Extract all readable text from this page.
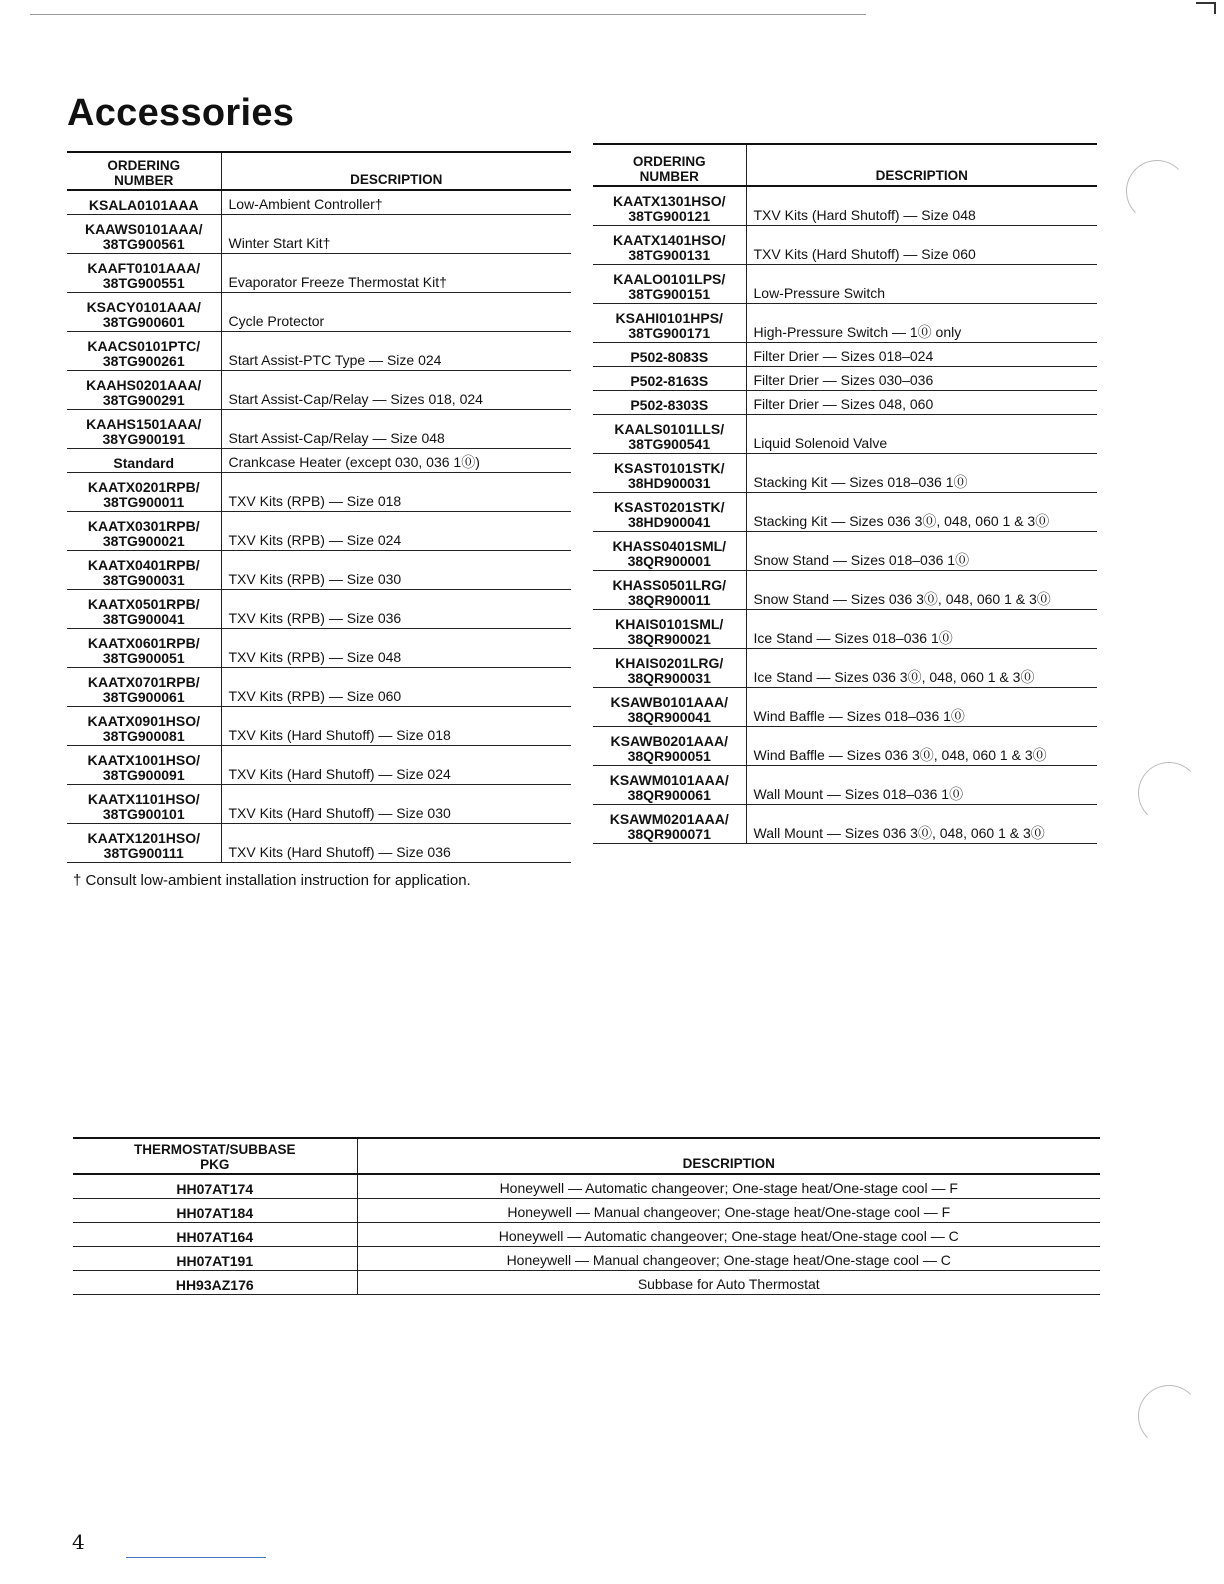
Accessories
ORDERING NUMBER	DESCRIPTION
KSALA0101AAA	Low-Ambient Controller†
KAAWS0101AAA/ 38TG900561	Winter Start Kit†
KAAFT0101AAA/ 38TG900551	Evaporator Freeze Thermostat Kit†
KSACY0101AAA/ 38TG900601	Cycle Protector
KAACS0101PTC/ 38TG900261	Start Assist-PTC Type — Size 024
KAAHS0201AAA/ 38TG900291	Start Assist-Cap/Relay — Sizes 018, 024
KAAHS1501AAA/ 38YG900191	Start Assist-Cap/Relay — Size 048
Standard	Crankcase Heater (except 030, 036 1⓪)
KAATX0201RPB/ 38TG900011	TXV Kits (RPB) — Size 018
KAATX0301RPB/ 38TG900021	TXV Kits (RPB) — Size 024
KAATX0401RPB/ 38TG900031	TXV Kits (RPB) — Size 030
KAATX0501RPB/ 38TG900041	TXV Kits (RPB) — Size 036
KAATX0601RPB/ 38TG900051	TXV Kits (RPB) — Size 048
KAATX0701RPB/ 38TG900061	TXV Kits (RPB) — Size 060
KAATX0901HSO/ 38TG900081	TXV Kits (Hard Shutoff) — Size 018
KAATX1001HSO/ 38TG900091	TXV Kits (Hard Shutoff) — Size 024
KAATX1101HSO/ 38TG900101	TXV Kits (Hard Shutoff) — Size 030
KAATX1201HSO/ 38TG900111	TXV Kits (Hard Shutoff) — Size 036
ORDERING NUMBER	DESCRIPTION
KAATX1301HSO/ 38TG900121	TXV Kits (Hard Shutoff) — Size 048
KAATX1401HSO/ 38TG900131	TXV Kits (Hard Shutoff) — Size 060
KAALO0101LPS/ 38TG900151	Low-Pressure Switch
KSAHI0101HPS/ 38TG900171	High-Pressure Switch — 1⓪ only
P502-8083S	Filter Drier — Sizes 018–024
P502-8163S	Filter Drier — Sizes 030–036
P502-8303S	Filter Drier — Sizes 048, 060
KAALS0101LLS/ 38TG900541	Liquid Solenoid Valve
KSAST0101STK/ 38HD900031	Stacking Kit — Sizes 018–036 1⓪
KSAST0201STK/ 38HD900041	Stacking Kit — Sizes 036 3⓪, 048, 060 1 & 3⓪
KHASS0401SML/ 38QR900001	Snow Stand — Sizes 018–036 1⓪
KHASS0501LRG/ 38QR900011	Snow Stand — Sizes 036 3⓪, 048, 060 1 & 3⓪
KHAIS0101SML/ 38QR900021	Ice Stand — Sizes 018–036 1⓪
KHAIS0201LRG/ 38QR900031	Ice Stand — Sizes 036 3⓪, 048, 060 1 & 3⓪
KSAWB0101AAA/ 38QR900041	Wind Baffle — Sizes 018–036 1⓪
KSAWB0201AAA/ 38QR900051	Wind Baffle — Sizes 036 3⓪, 048, 060 1 & 3⓪
KSAWM0101AAA/ 38QR900061	Wall Mount — Sizes 018–036 1⓪
KSAWM0201AAA/ 38QR900071	Wall Mount — Sizes 036 3⓪, 048, 060 1 & 3⓪

† Consult low-ambient installation instruction for application.

THERMOSTAT/SUBBASE PKG	DESCRIPTION
HH07AT174	Honeywell — Automatic changeover; One-stage heat/One-stage cool — F
HH07AT184	Honeywell — Manual changeover; One-stage heat/One-stage cool — F
HH07AT164	Honeywell — Automatic changeover; One-stage heat/One-stage cool — C
HH07AT191	Honeywell — Manual changeover; One-stage heat/One-stage cool — C
HH93AZ176	Subbase for Auto Thermostat
4
